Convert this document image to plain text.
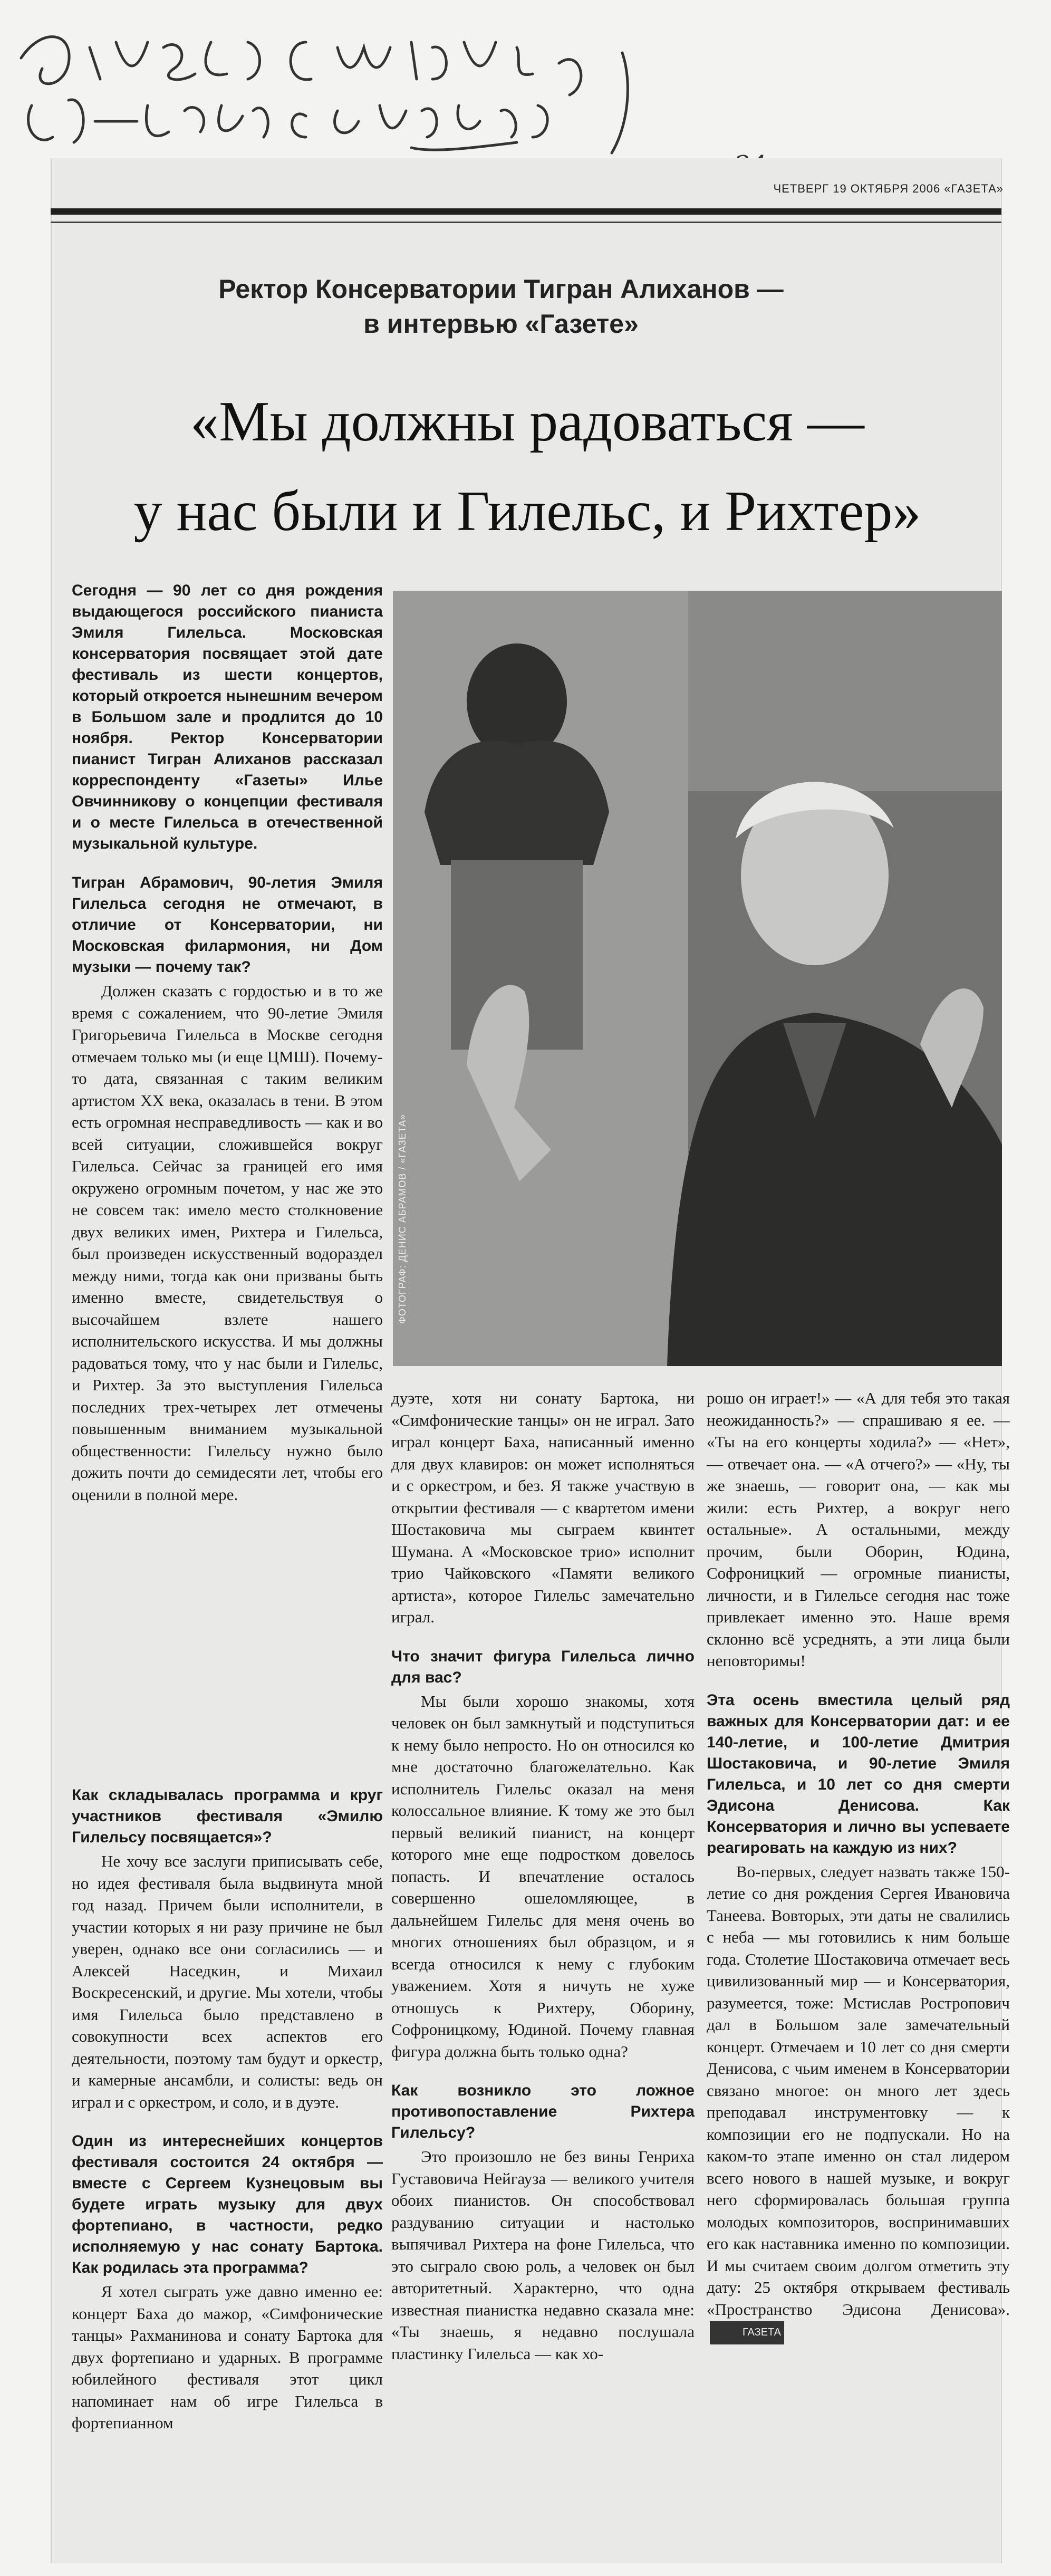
ЧЕТВЕРГ 19 ОКТЯБРЯ 2006 «ГАЗЕТА»
Ректор Консерватории Тигран Алиханов —
в интервью «Газете»
«Мы должны радоваться —
у нас были и Гилельс, и Рихтер»
ФОТОГРАФ: ДЕНИС АБРАМОВ / «ГАЗЕТА»

Сегодня — 90 лет со дня рождения выдающегося российского пианиста Эмиля Гилельса. Московская консерватория посвящает этой дате фестиваль из шести концертов, который откроется нынешним вечером в Большом зале и продлится до 10 ноября. Ректор Консерватории пианист Тигран Алиханов рассказал корреспонденту «Газеты» Илье Овчинникову о концепции фестиваля и о месте Гилельса в отечественной музыкальной культуре.

Тигран Абрамович, 90-летия Эмиля Гилельса сегодня не отмечают, в отличие от Консерватории, ни Московская филармония, ни Дом музыки — почему так?

Должен сказать с гордостью и в то же время с сожалением, что 90-летие Эмиля Григорьевича Гилельса в Москве сегодня отмечаем только мы (и еще ЦМШ). Почему-то дата, связанная с таким великим артистом XX века, оказалась в тени. В этом есть огромная несправедливость — как и во всей ситуации, сложившейся вокруг Гилельса. Сейчас за границей его имя окружено огромным почетом, у нас же это не совсем так: имело место столкновение двух великих имен, Рихтера и Гилельса, был произведен искусственный водораздел между ними, тогда как они призваны быть именно вместе, свидетельствуя о высочайшем взлете нашего исполнительского искусства. И мы должны радоваться тому, что у нас были и Гилельс, и Рихтер. За это выступления Гилельса последних трех-четырех лет отмечены повышенным вниманием музыкальной общественности: Гилельсу нужно было дожить почти до семидесяти лет, чтобы его оценили в полной мере.

Как складывалась программа и круг участников фестиваля «Эмилю Гилельсу посвящается»?

Не хочу все заслуги приписывать себе, но идея фестиваля была выдвинута мной год назад. Причем были исполнители, в участии которых я ни разу причине не был уверен, однако все они согласились — и Алексей Наседкин, и Михаил Воскресенский, и другие. Мы хотели, чтобы имя Гилельса было представлено в совокупности всех аспектов его деятельности, поэтому там будут и оркестр, и камерные ансамбли, и солисты: ведь он играл и с оркестром, и соло, и в дуэте.

Один из интереснейших концертов фестиваля состоится 24 октября — вместе с Сергеем Кузнецовым вы будете играть музыку для двух фортепиано, в частности, редко исполняемую у нас сонату Бартока. Как родилась эта программа?

Я хотел сыграть уже давно именно ее: концерт Баха до мажор, «Симфонические танцы» Рахманинова и сонату Бартока для двух фортепиано и ударных. В программе юбилейного фестиваля этот цикл напоминает нам об игре Гилельса в фортепианном

дуэте, хотя ни сонату Бартока, ни «Симфонические танцы» он не играл. Зато играл концерт Баха, написанный именно для двух клавиров: он может исполняться и с оркестром, и без. Я также участвую в открытии фестиваля — с квартетом имени Шостаковича мы сыграем квинтет Шумана. А «Московское трио» исполнит трио Чайковского «Памяти великого артиста», которое Гилельс замечательно играл.

Что значит фигура Гилельса лично для вас?

Мы были хорошо знакомы, хотя человек он был замкнутый и подступиться к нему было непросто. Но он относился ко мне достаточно благожелательно. Как исполнитель Гилельс оказал на меня колоссальное влияние. К тому же это был первый великий пианист, на концерт которого мне еще подростком довелось попасть. И впечатление осталось совершенно ошеломляющее, в дальнейшем Гилельс для меня очень во многих отношениях был образцом, и я всегда относился к нему с глубоким уважением. Хотя я ничуть не хуже отношусь к Рихтеру, Оборину, Софроницкому, Юдиной. Почему главная фигура должна быть только одна?

Как возникло это ложное противопоставление Рихтера Гилельсу?

Это произошло не без вины Генриха Густавовича Нейгауза — великого учителя обоих пианистов. Он способствовал раздуванию ситуации и настолько выпячивал Рихтера на фоне Гилельса, что это сыграло свою роль, а человек он был авторитетный. Характерно, что одна известная пианистка недавно сказала мне: «Ты знаешь, я недавно послушала пластинку Гилельса — как хо-

рошо он играет!» — «А для тебя это такая неожиданность?» — спрашиваю я ее. — «Ты на его концерты ходила?» — «Нет», — отвечает она. — «А отчего?» — «Ну, ты же знаешь, — говорит она, — как мы жили: есть Рихтер, а вокруг него остальные». А остальными, между прочим, были Оборин, Юдина, Софроницкий — огромные пианисты, личности, и в Гилельсе сегодня нас тоже привлекает именно это. Наше время склонно всё усреднять, а эти лица были неповторимы!

Эта осень вместила целый ряд важных для Консерватории дат: и ее 140-летие, и 100-летие Дмитрия Шостаковича, и 90-летие Эмиля Гилельса, и 10 лет со дня смерти Эдисона Денисова. Как Консерватория и лично вы успеваете реагировать на каждую из них?

Во-первых, следует назвать также 150-летие со дня рождения Сергея Ивановича Танеева. Вовторых, эти даты не свалились с неба — мы готовились к ним больше года. Столетие Шостаковича отмечает весь цивилизованный мир — и Консерватория, разумеется, тоже: Мстислав Ростропович дал в Большом зале замечательный концерт. Отмечаем и 10 лет со дня смерти Денисова, с чьим именем в Консерватории связано многое: он много лет здесь преподавал инструментовку — к композиции его не подпускали. Но на каком-то этапе именно он стал лидером всего нового в нашей музыке, и вокруг него сформировалась большая группа молодых композиторов, воспринимавших его как наставника именно по композиции. И мы считаем своим долгом отметить эту дату: 25 октября открываем фестиваль «Пространство Эдисона Денисова».ГАЗЕТА
